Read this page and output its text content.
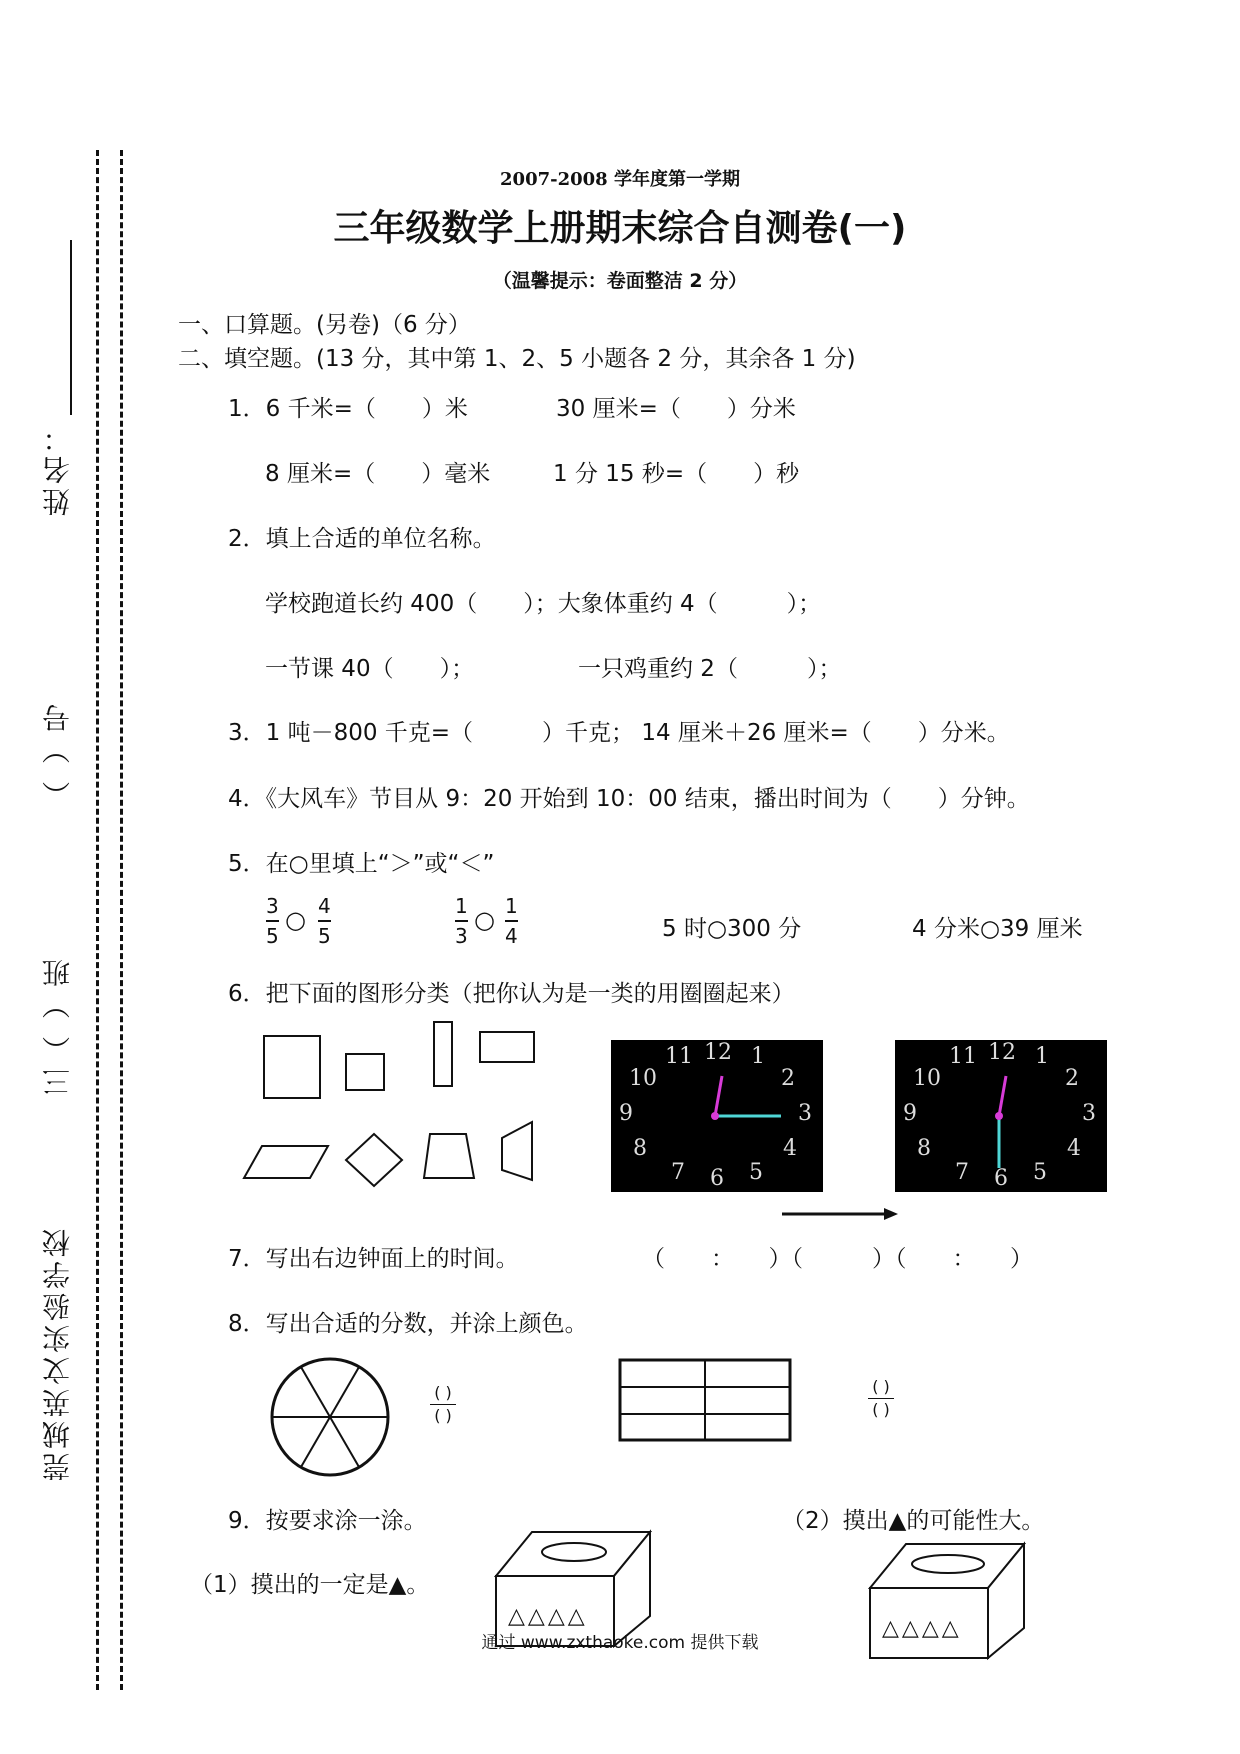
姓名：
（ ）号
三（ ）班
莞城英文实验学校
2007-2008 学年度第一学期
三年级数学上册期末综合自测卷(一)
（温馨提示：卷面整洁 2 分）
一、口算题。(另卷)（6 分）
二、填空题。(13 分，其中第 1、2、5 小题各 2 分，其余各 1 分)
1．6 千米=（　　）米	30 厘米=（　　）分米
8 厘米=（　　）毫米	1 分 15 秒=（　　）秒
2．填上合适的单位名称。
学校跑道长约 400（　　）；大象体重约 4（　　　）；
一节课 40（　　）；	一只鸡重约 2（　　　）；
3．1 吨－800 千克=（　　　）千克； 14 厘米＋26 厘米=（　　）分米。
4．《大风车》节目从 9：20 开始到 10：00 结束，播出时间为（　　）分钟。
5．在○里填上“＞”或“＜”
3
5
○ 4
5
1
3
○ 1
4	5 时○300 分	4 分米○39 厘米
6．把下面的图形分类（把你认为是一类的用圈圈起来）
12 1
2
3
4
5
6
7
8
9
10
11	12 1
2
3
4
5
6
7
8
9
10
11
7．写出右边钟面上的时间。	（　　：　　）（　　　）（　　：　　）
8．写出合适的分数，并涂上颜色。
( )
( )
( )
( )
9．按要求涂一涂。	（2）摸出▲的可能性大。
（1）摸出的一定是▲。
△△△△	△△△△
通过 www.zxthaoke.com 提供下载
